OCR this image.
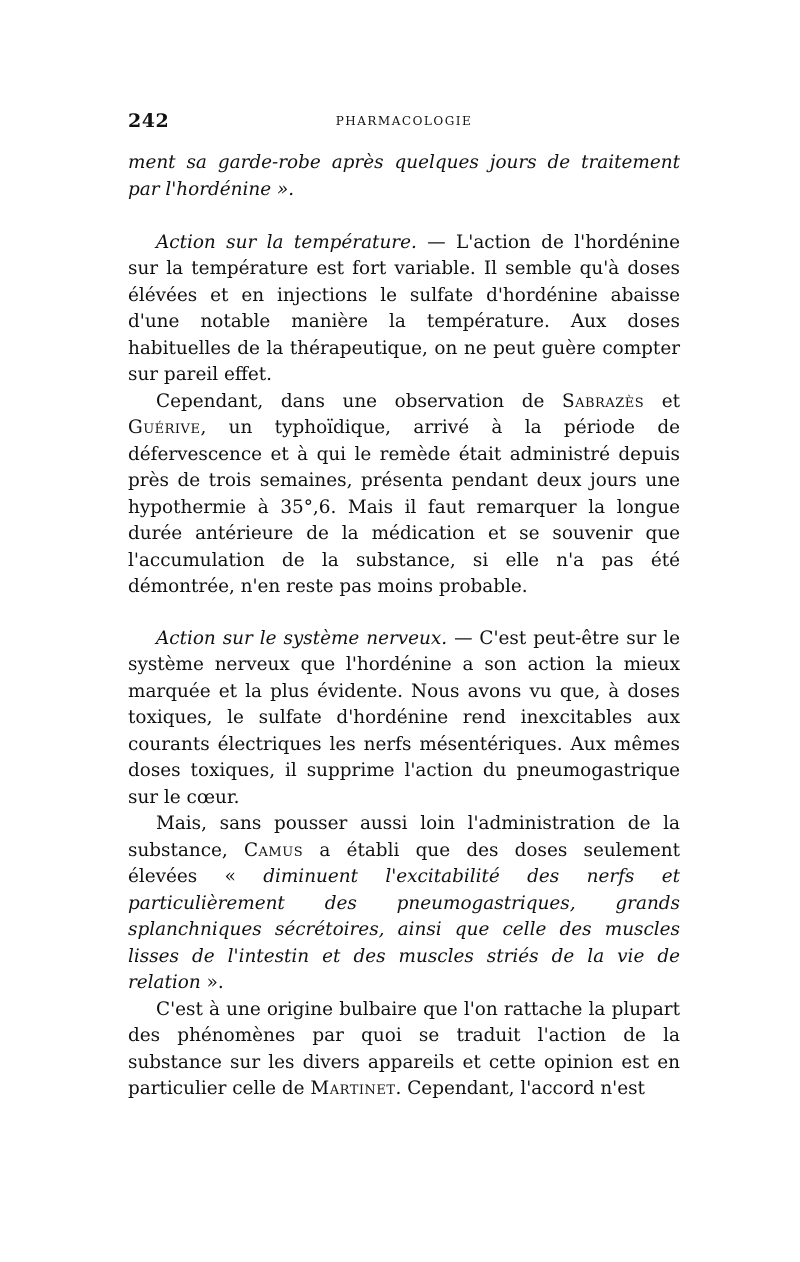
242	PHARMACOLOGIE

ment sa garde-robe après quelques jours de traitement par l'hordénine ».

Action sur la température. — L'action de l'hordénine sur la température est fort variable. Il semble qu'à doses élévées et en injections le sulfate d'hordénine abaisse d'une notable manière la température. Aux doses habituelles de la thérapeutique, on ne peut guère compter sur pareil effet.

Cependant, dans une observation de Sabrazès et Guérive, un typhoïdique, arrivé à la période de défervescence et à qui le remède était administré depuis près de trois semaines, présenta pendant deux jours une hypothermie à 35°,6. Mais il faut remarquer la longue durée antérieure de la médication et se souvenir que l'accumulation de la substance, si elle n'a pas été démontrée, n'en reste pas moins probable.

Action sur le système nerveux. — C'est peut-être sur le système nerveux que l'hordénine a son action la mieux marquée et la plus évidente. Nous avons vu que, à doses toxiques, le sulfate d'hordénine rend inexcitables aux courants électriques les nerfs mésentériques. Aux mêmes doses toxiques, il supprime l'action du pneumogastrique sur le cœur.

Mais, sans pousser aussi loin l'administration de la substance, Camus a établi que des doses seulement élevées « diminuent l'excitabilité des nerfs et particulièrement des pneumogastriques, grands splanchniques sécrétoires, ainsi que celle des muscles lisses de l'intestin et des muscles striés de la vie de relation ».

C'est à une origine bulbaire que l'on rattache la plupart des phénomènes par quoi se traduit l'action de la substance sur les divers appareils et cette opinion est en particulier celle de Martinet. Cependant, l'accord n'est
